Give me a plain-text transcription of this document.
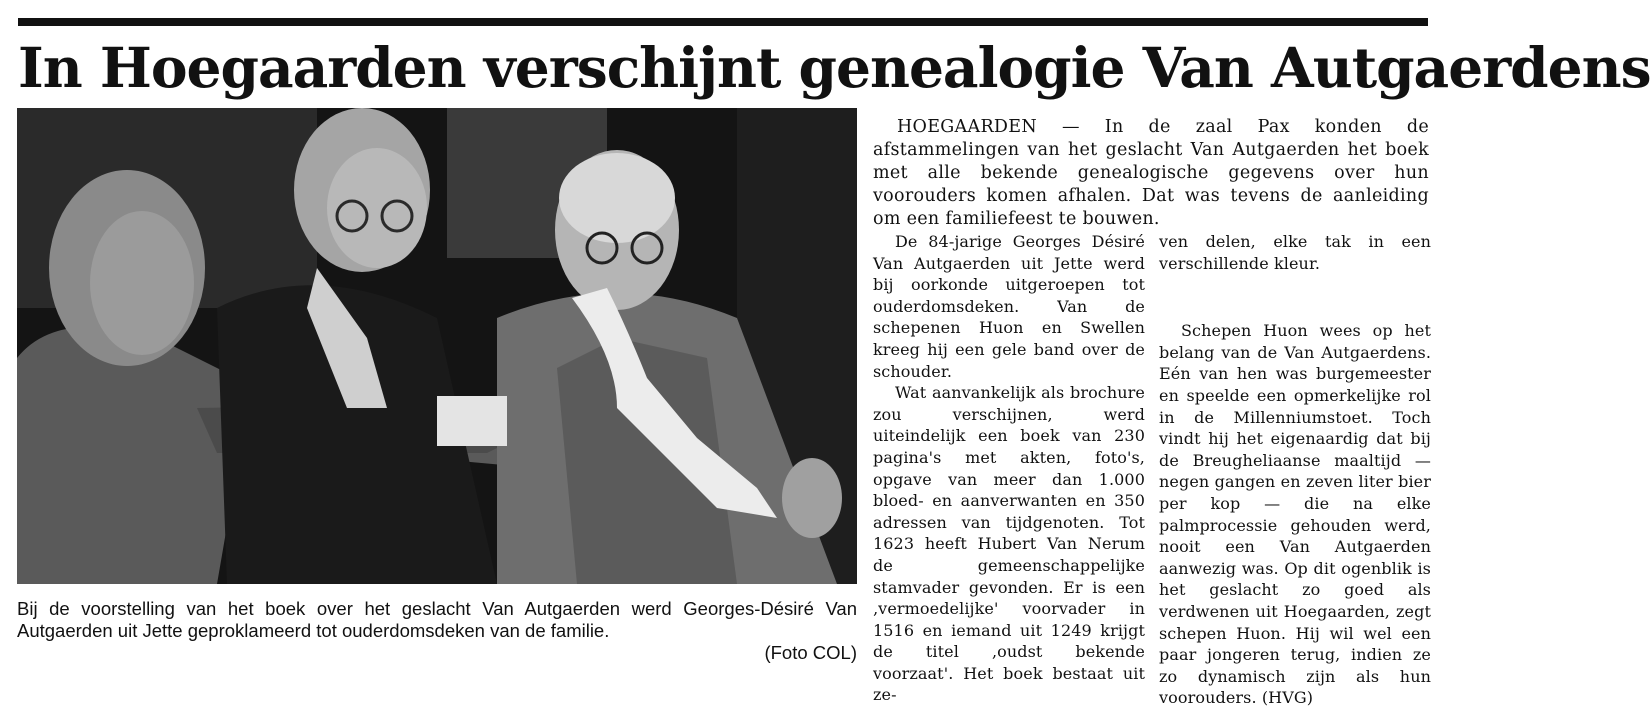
In Hoegaarden verschijnt genealogie Van Autgaerdens
Bij de voorstelling van het boek over het geslacht Van Autgaerden werd Georges-Désiré Van Autgaerden uit Jette geproklameerd tot ouderdomsdeken van de familie.
(Foto COL)

HOEGAARDEN — In de zaal Pax konden de afstammelingen van het geslacht Van Autgaerden het boek met alle bekende genealogische gegevens over hun voorouders komen afhalen. Dat was tevens de aanleiding om een familiefeest te bouwen.

De 84-jarige Georges Désiré Van Autgaerden uit Jette werd bij oorkonde uitgeroepen tot ouderdomsdeken. Van de schepenen Huon en Swellen kreeg hij een gele band over de schouder.

Wat aanvankelijk als brochure zou verschijnen, werd uiteindelijk een boek van 230 pagina's met akten, foto's, opgave van meer dan 1.000 bloed- en aanverwanten en 350 adressen van tijdgenoten. Tot 1623 heeft Hubert Van Nerum de gemeenschappelijke stamvader gevonden. Er is een ‚vermoedelijke' voorvader in 1516 en iemand uit 1249 krijgt de titel ‚oudst bekende voorzaat'. Het boek bestaat uit ze-

ven delen, elke tak in een verschillende kleur.

Schepen Huon wees op het belang van de Van Autgaerdens. Eén van hen was burgemeester en speelde een opmerkelijke rol in de Millenniumstoet. Toch vindt hij het eigenaardig dat bij de Breugheliaanse maaltijd — negen gangen en zeven liter bier per kop — die na elke palmprocessie gehouden werd, nooit een Van Autgaerden aanwezig was. Op dit ogenblik is het geslacht zo goed als verdwenen uit Hoegaarden, zegt schepen Huon. Hij wil wel een paar jongeren terug, indien ze zo dynamisch zijn als hun voorouders. (HVG)
